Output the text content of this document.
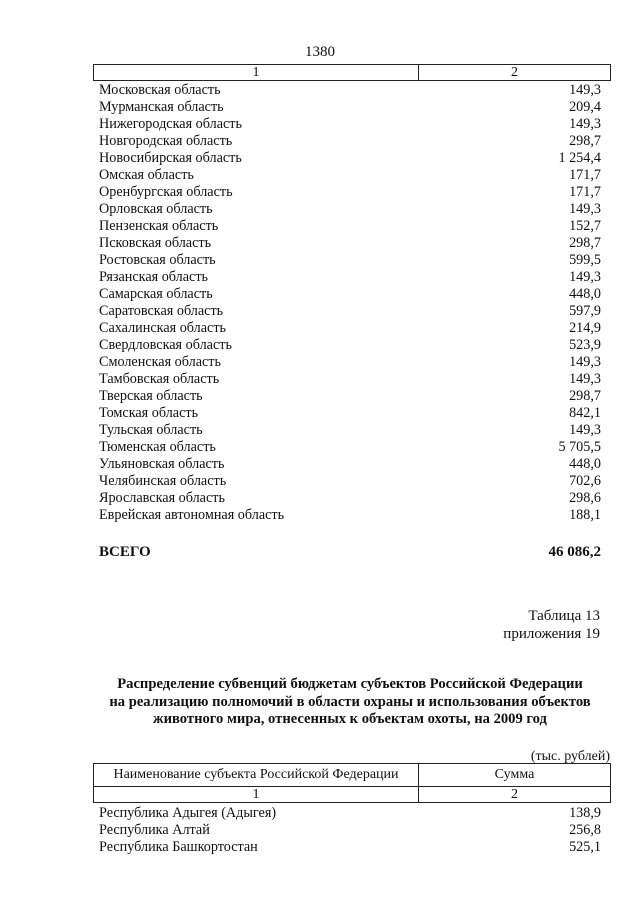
1380
1	2
Московская область	149,3
Мурманская область	209,4
Нижегородская область	149,3
Новгородская область	298,7
Новосибирская область	1 254,4
Омская область	171,7
Оренбургская область	171,7
Орловская область	149,3
Пензенская область	152,7
Псковская область	298,7
Ростовская область	599,5
Рязанская область	149,3
Самарская область	448,0
Саратовская область	597,9
Сахалинская область	214,9
Свердловская область	523,9
Смоленская область	149,3
Тамбовская область	149,3
Тверская область	298,7
Томская область	842,1
Тульская область	149,3
Тюменская область	5 705,5
Ульяновская область	448,0
Челябинская область	702,6
Ярославская область	298,6
Еврейская автономная область	188,1
ВСЕГО	46 086,2
Таблица 13
приложения 19
Распределение субвенций бюджетам субъектов Российской Федерации
на реализацию полномочий в области охраны и использования объектов
животного мира, отнесенных к объектам охоты, на 2009 год
(тыс. рублей)
Наименование субъекта Российской Федерации	Сумма
1	2
Республика Адыгея (Адыгея)	138,9
Республика Алтай	256,8
Республика Башкортостан	525,1
